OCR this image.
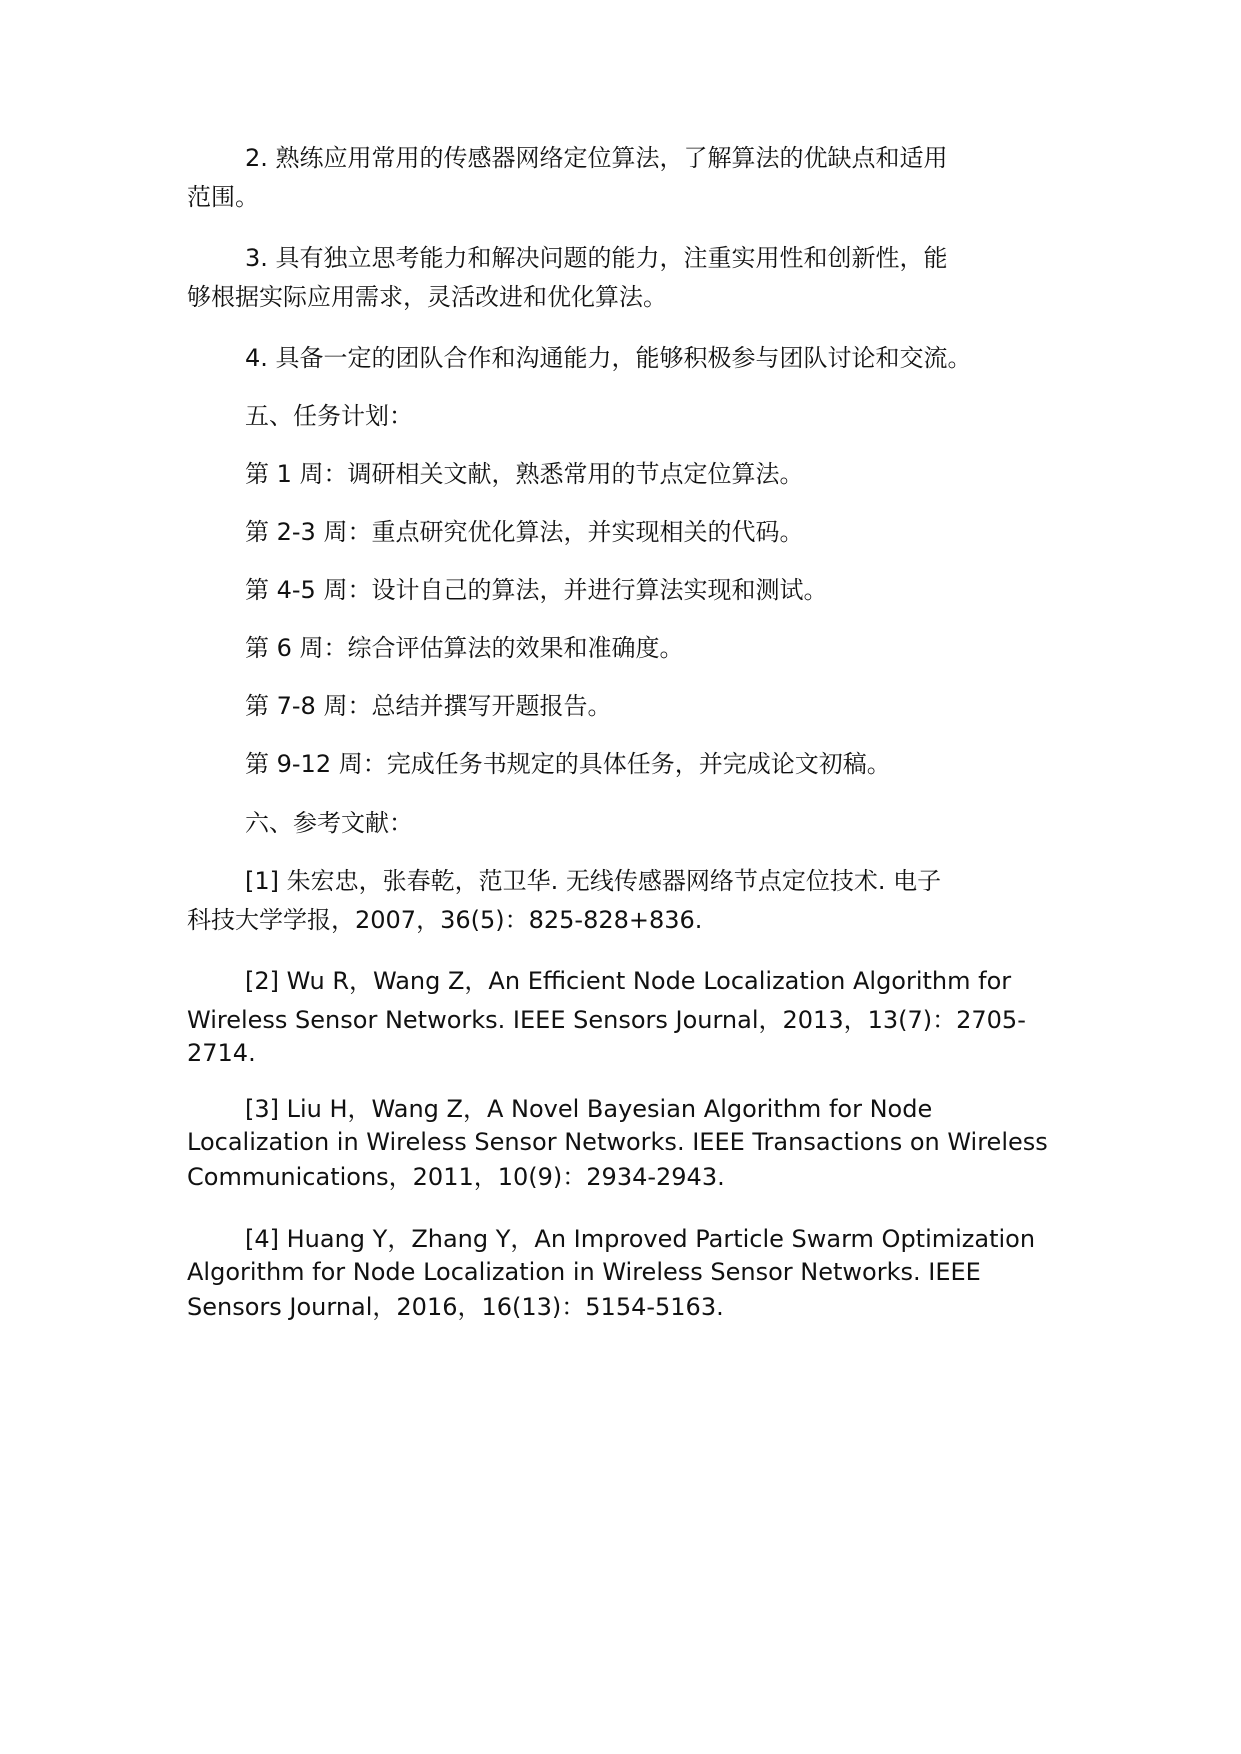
2. 熟练应用常用的传感器网络定位算法，了解算法的优缺点和适用
范围。

3. 具有独立思考能力和解决问题的能力，注重实用性和创新性，能
够根据实际应用需求，灵活改进和优化算法。

4. 具备一定的团队合作和沟通能力，能够积极参与团队讨论和交流。

五、任务计划：

第 1 周：调研相关文献，熟悉常用的节点定位算法。

第 2-3 周：重点研究优化算法，并实现相关的代码。

第 4-5 周：设计自己的算法，并进行算法实现和测试。

第 6 周：综合评估算法的效果和准确度。

第 7-8 周：总结并撰写开题报告。

第 9-12 周：完成任务书规定的具体任务，并完成论文初稿。

六、参考文献：

[1] 朱宏忠，张春乾，范卫华. 无线传感器网络节点定位技术. 电子
科技大学学报，2007，36(5)：825-828+836.

[2] Wu R，Wang Z，An Efficient Node Localization Algorithm for
Wireless Sensor Networks. IEEE Sensors Journal，2013，13(7)：2705-
2714.

[3] Liu H，Wang Z，A Novel Bayesian Algorithm for Node
Localization in Wireless Sensor Networks. IEEE Transactions on Wireless
Communications，2011，10(9)：2934-2943.

[4] Huang Y，Zhang Y，An Improved Particle Swarm Optimization
Algorithm for Node Localization in Wireless Sensor Networks. IEEE
Sensors Journal，2016，16(13)：5154-5163.
